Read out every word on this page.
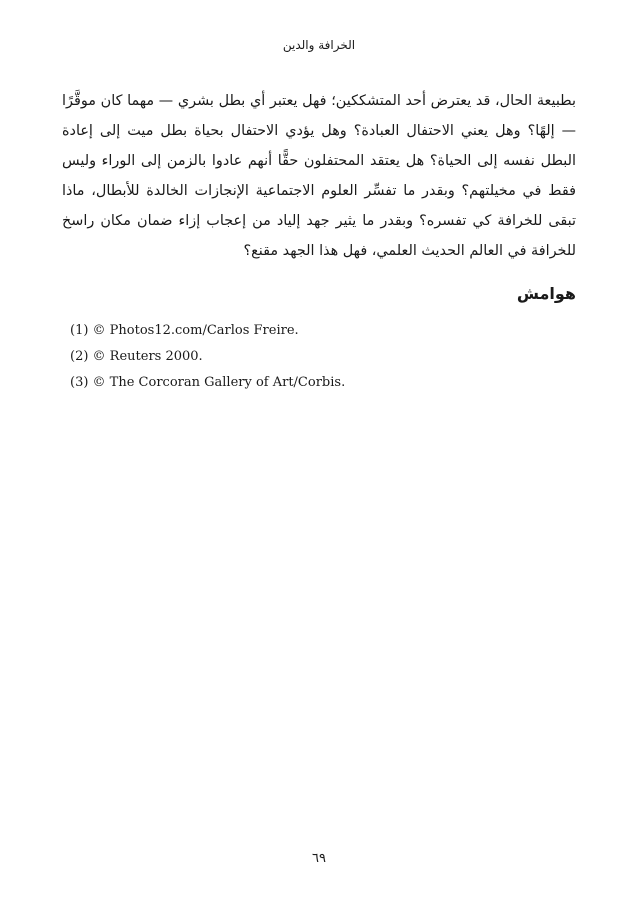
الخرافة والدين

بطبيعة الحال، قد يعترض أحد المتشككين؛ فهل يعتبر أي بطل بشري — مهما كان موقَّرًا — إلهًا؟ وهل يعني الاحتفال العبادة؟ وهل يؤدي الاحتفال بحياة بطل ميت إلى إعادة البطل نفسه إلى الحياة؟ هل يعتقد المحتفلون حقًّا أنهم عادوا بالزمن إلى الوراء وليس فقط في مخيلتهم؟ وبقدر ما تفسِّر العلوم الاجتماعية الإنجازات الخالدة للأبطال، ماذا تبقى للخرافة كي تفسره؟ وبقدر ما يثير جهد إلياد من إعجاب إزاء ضمان مكان راسخ للخرافة في العالم الحديث العلمي، فهل هذا الجهد مقنع؟

هوامش
(1) © Photos12.com/Carlos Freire.
(2) © Reuters 2000.
(3) © The Corcoran Gallery of Art/Corbis.
٦٩
